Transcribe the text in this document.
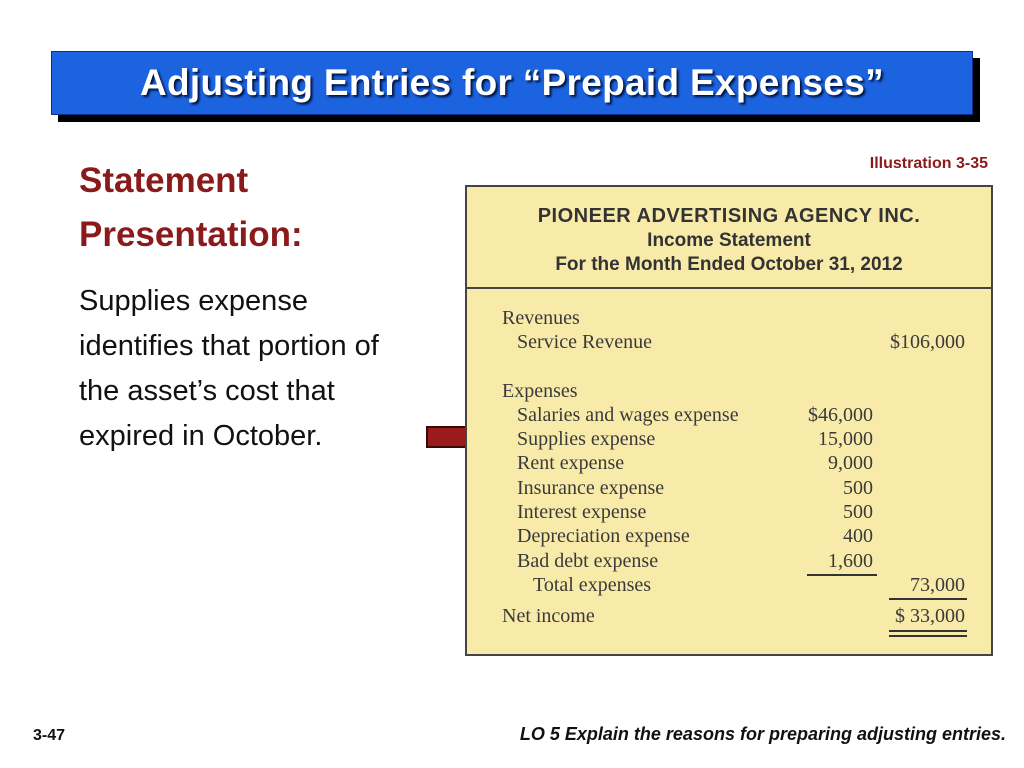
Adjusting Entries for “Prepaid Expenses”
Statement
Presentation:
Supplies expense
identifies that portion of
the asset’s cost that
expired in October.
Illustration 3-35
PIONEER ADVERTISING AGENCY INC.
Income Statement
For the Month Ended October 31, 2012
Revenues
Service Revenue	$106,000
Expenses
Salaries and wages expense	$46,000
Supplies expense	15,000
Rent expense	9,000
Insurance expense	500
Interest expense	500
Depreciation expense	400
Bad debt expense	1,600
Total expenses	73,000
Net income	$ 33,000
3-47	LO 5 Explain the reasons for preparing adjusting entries.
